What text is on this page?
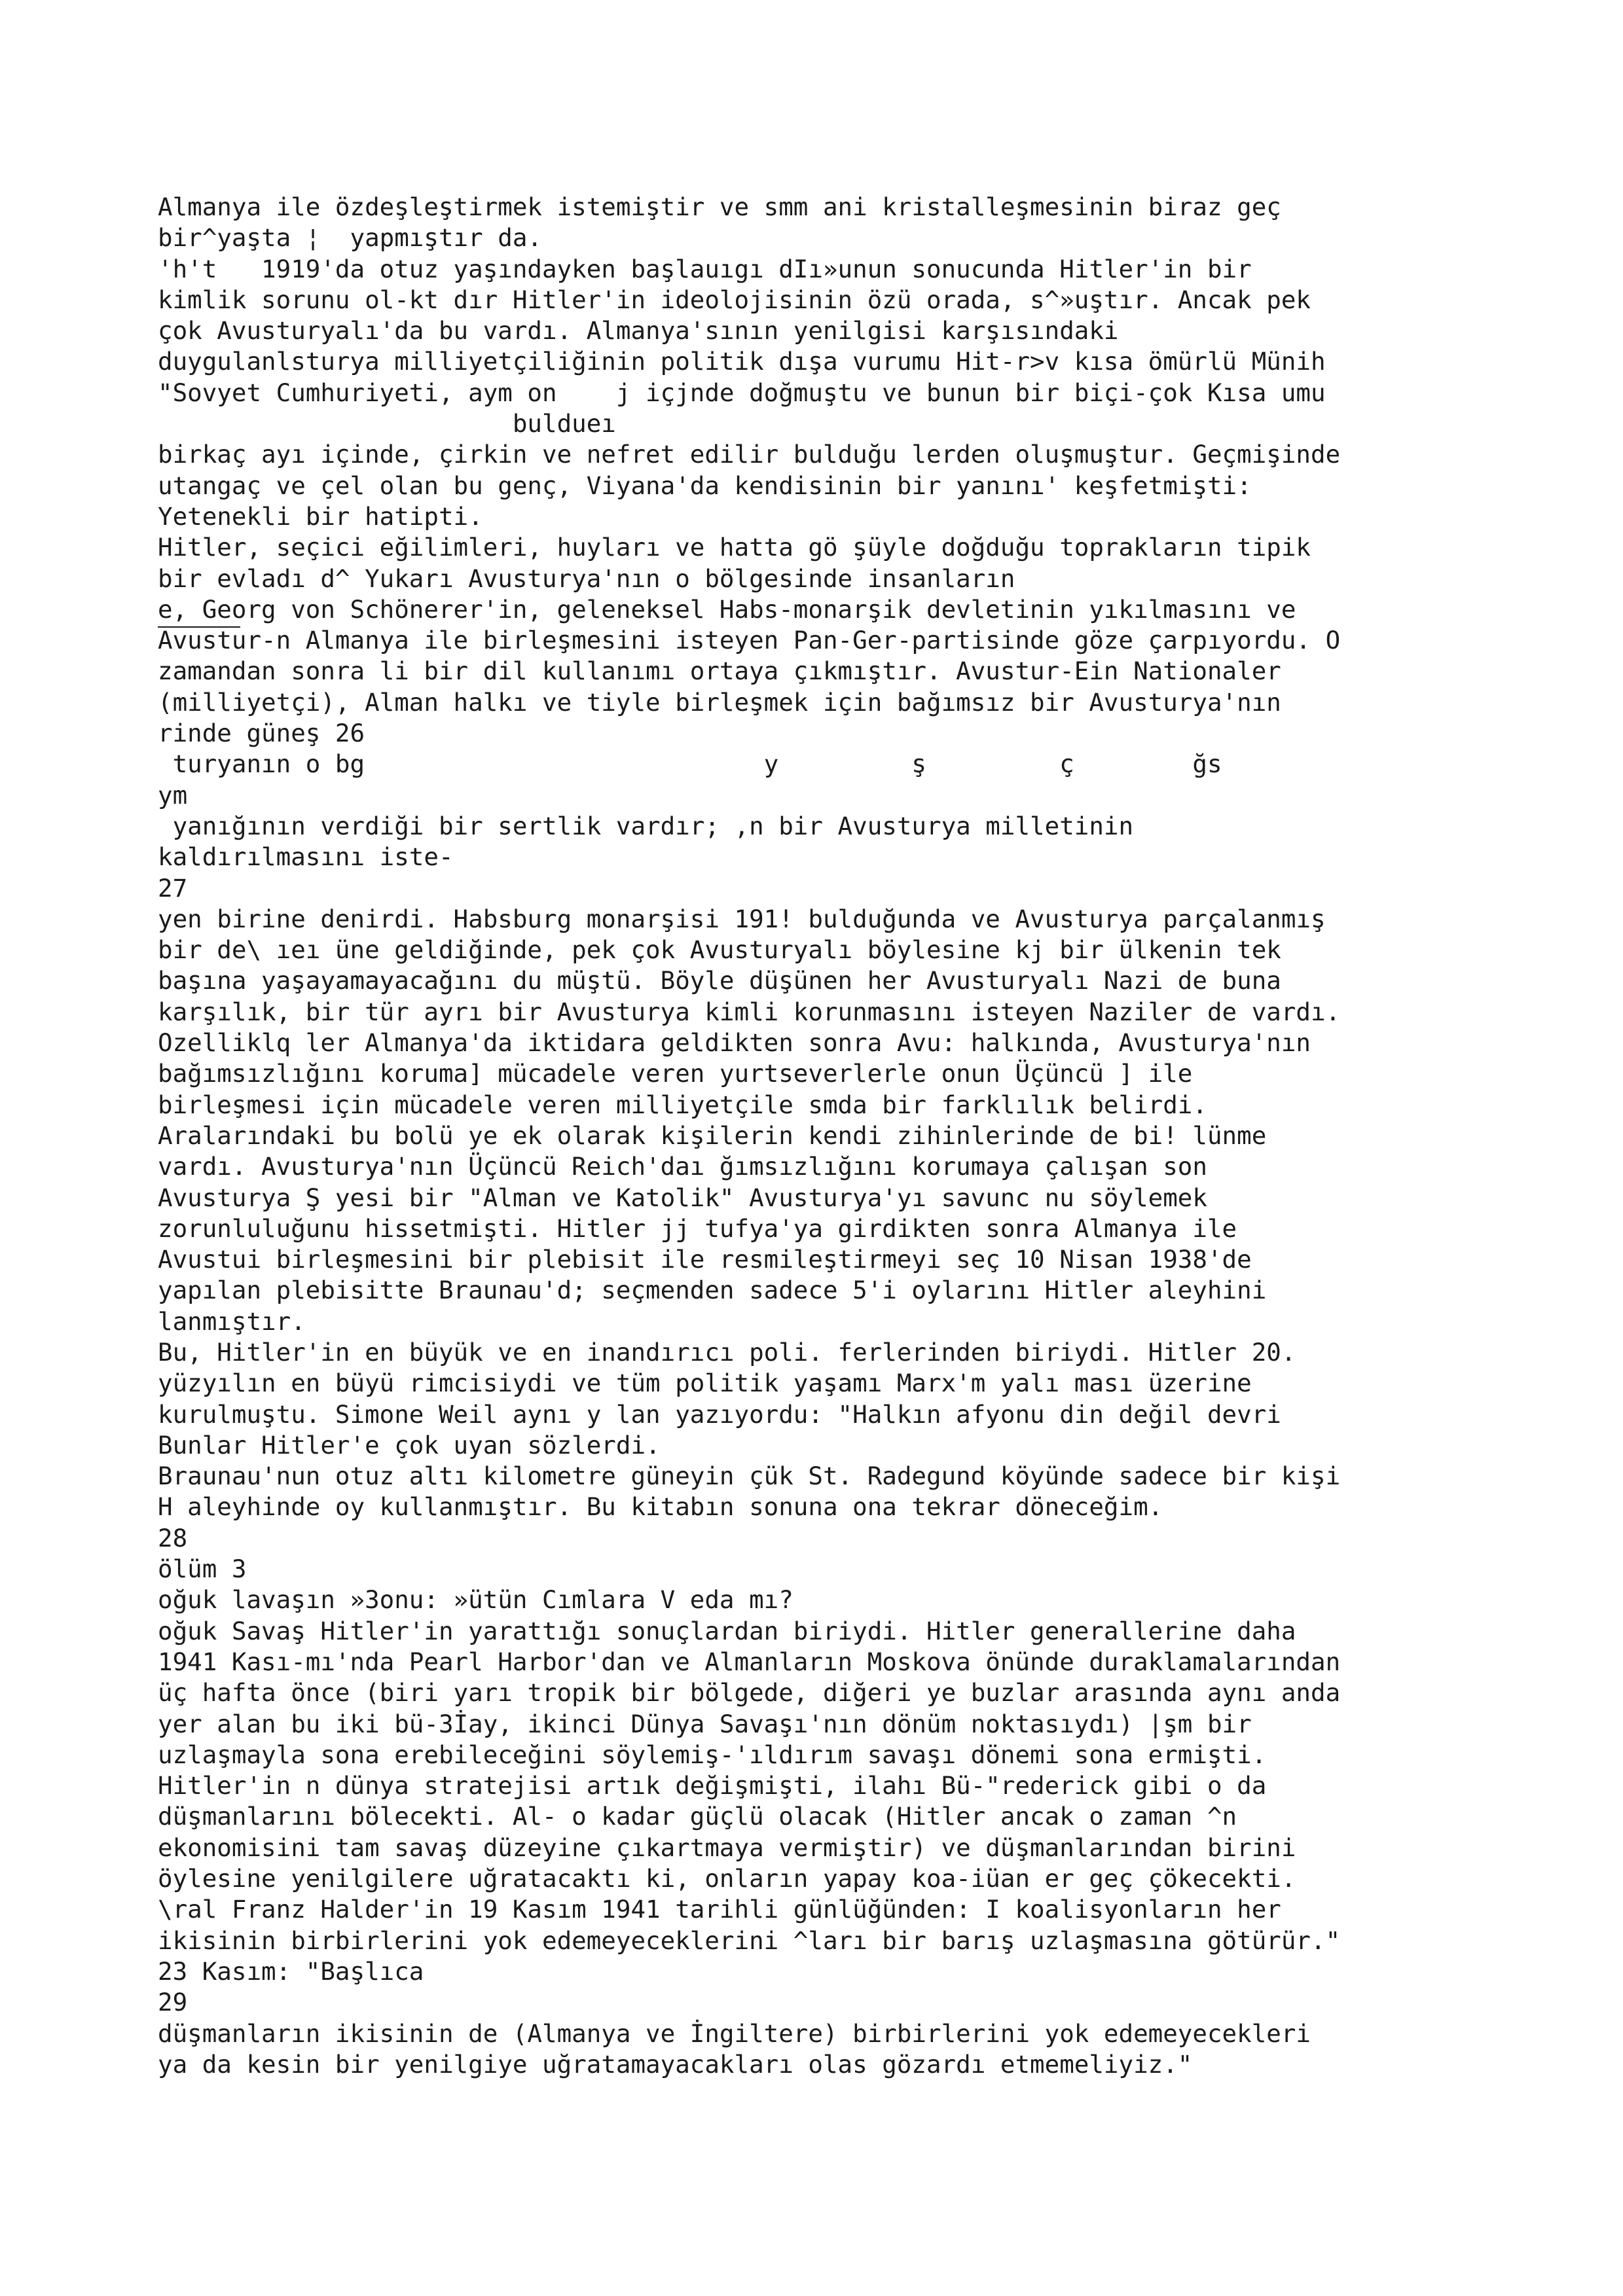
Almanya ile özdeşleştirmek istemiştir ve smm ani kristalleşmesinin biraz geç
bir^yaşta ¦  yapmıştır da.
'h't   1919'da otuz yaşındayken başlauıgı dIı»unun sonucunda Hitler'in bir
kimlik sorunu ol-kt dır Hitler'in ideolojisinin özü orada, s^»uştır. Ancak pek
çok Avusturyalı'da bu vardı. Almanya'sının yenilgisi karşısındaki
duygulanlsturya milliyetçiliğinin politik dışa vurumu Hit-r>v kısa ömürlü Münih
"Sovyet Cumhuriyeti, aym on    j içjnde doğmuştu ve bunun bir biçi-çok Kısa umu
buldueı
birkaç ayı içinde, çirkin ve nefret edilir bulduğu lerden oluşmuştur. Geçmişinde
utangaç ve çel olan bu genç, Viyana'da kendisinin bir yanını' keşfetmişti:
Yetenekli bir hatipti.
Hitler, seçici eğilimleri, huyları ve hatta gö şüyle doğduğu toprakların tipik
bir evladı d^ Yukarı Avusturya'nın o bölgesinde insanların
e, Georg von Schönerer'in, geleneksel Habs-monarşik devletinin yıkılmasını ve
Avustur-n Almanya ile birleşmesini isteyen Pan-Ger-partisinde göze çarpıyordu. O
zamandan sonra li bir dil kullanımı ortaya çıkmıştır. Avustur-Ein Nationaler
(milliyetçi), Alman halkı ve tiyle birleşmek için bağımsız bir Avusturya'nın
rinde güneş 26
turyanın o bg                           y         ş         ç        ğs
ym
yanığının verdiği bir sertlik vardır; ,n bir Avusturya milletinin
kaldırılmasını iste-
27
yen birine denirdi. Habsburg monarşisi 191! bulduğunda ve Avusturya parçalanmış
bir de\ ıeı üne geldiğinde, pek çok Avusturyalı böylesine kj bir ülkenin tek
başına yaşayamayacağını du müştü. Böyle düşünen her Avusturyalı Nazi de buna
karşılık, bir tür ayrı bir Avusturya kimli korunmasını isteyen Naziler de vardı.
Ozelliklq ler Almanya'da iktidara geldikten sonra Avu: halkında, Avusturya'nın
bağımsızlığını koruma] mücadele veren yurtseverlerle onun Üçüncü ] ile
birleşmesi için mücadele veren milliyetçile smda bir farklılık belirdi.
Aralarındaki bu bolü ye ek olarak kişilerin kendi zihinlerinde de bi! lünme
vardı. Avusturya'nın Üçüncü Reich'daı ğımsızlığını korumaya çalışan son
Avusturya Ş yesi bir "Alman ve Katolik" Avusturya'yı savunc nu söylemek
zorunluluğunu hissetmişti. Hitler jj tufya'ya girdikten sonra Almanya ile
Avustui birleşmesini bir plebisit ile resmileştirmeyi seç 10 Nisan 1938'de
yapılan plebisitte Braunau'd; seçmenden sadece 5'i oylarını Hitler aleyhini
lanmıştır.
Bu, Hitler'in en büyük ve en inandırıcı poli. ferlerinden biriydi. Hitler 20.
yüzyılın en büyü rimcisiydi ve tüm politik yaşamı Marx'm yalı ması üzerine
kurulmuştu. Simone Weil aynı y lan yazıyordu: "Halkın afyonu din değil devri
Bunlar Hitler'e çok uyan sözlerdi.
Braunau'nun otuz altı kilometre güneyin çük St. Radegund köyünde sadece bir kişi
H aleyhinde oy kullanmıştır. Bu kitabın sonuna ona tekrar döneceğim.
28
ölüm 3
oğuk lavaşın »3onu: »ütün Cımlara V eda mı?
oğuk Savaş Hitler'in yarattığı sonuçlardan biriydi. Hitler generallerine daha
1941 Kası-mı'nda Pearl Harbor'dan ve Almanların Moskova önünde duraklamalarından
üç hafta önce (biri yarı tropik bir bölgede, diğeri ye buzlar arasında aynı anda
yer alan bu iki bü-3İay, ikinci Dünya Savaşı'nın dönüm noktasıydı) |şm bir
uzlaşmayla sona erebileceğini söylemiş-'ıldırım savaşı dönemi sona ermişti.
Hitler'in n dünya stratejisi artık değişmişti, ilahı Bü-"rederick gibi o da
düşmanlarını bölecekti. Al- o kadar güçlü olacak (Hitler ancak o zaman ^n
ekonomisini tam savaş düzeyine çıkartmaya vermiştir) ve düşmanlarından birini
öylesine yenilgilere uğratacaktı ki, onların yapay koa-iüan er geç çökecekti.
\ral Franz Halder'in 19 Kasım 1941 tarihli günlüğünden: I koalisyonların her
ikisinin birbirlerini yok edemeyeceklerini ^ları bir barış uzlaşmasına götürür."
23 Kasım: "Başlıca
29
düşmanların ikisinin de (Almanya ve İngiltere) birbirlerini yok edemeyecekleri
ya da kesin bir yenilgiye uğratamayacakları olas gözardı etmemeliyiz."
